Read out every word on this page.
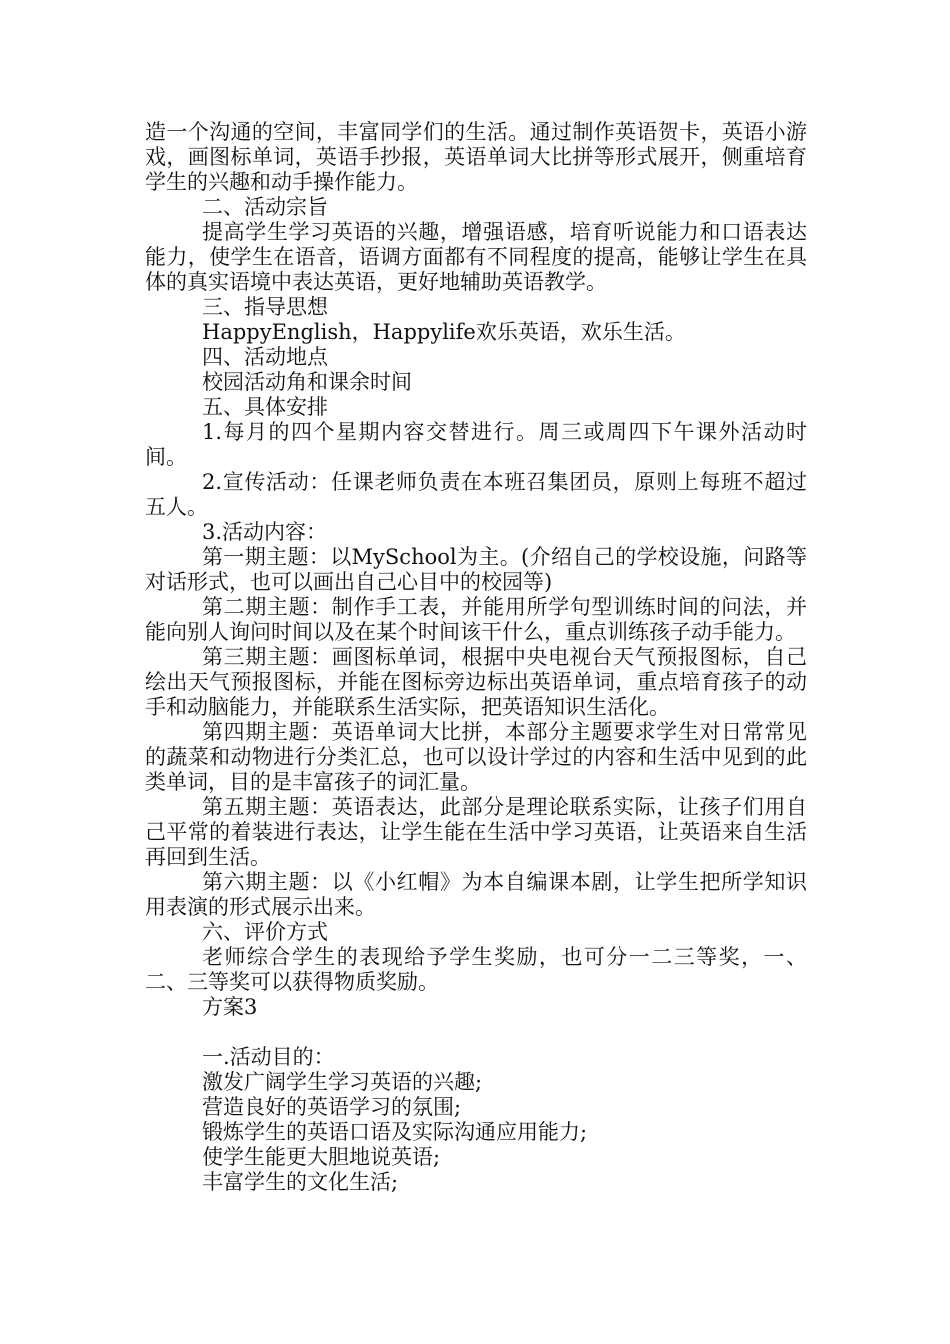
造一个沟通的空间，丰富同学们的生活。通过制作英语贺卡，英语小游戏，画图标单词，英语手抄报，英语单词大比拼等形式展开，侧重培育学生的兴趣和动手操作能力。

二、活动宗旨

提高学生学习英语的兴趣，增强语感，培育听说能力和口语表达能力，使学生在语音，语调方面都有不同程度的提高，能够让学生在具体的真实语境中表达英语，更好地辅助英语教学。

三、指导思想

HappyEnglish，Happylife欢乐英语，欢乐生活。

四、活动地点

校园活动角和课余时间

五、具体安排

1.每月的四个星期内容交替进行。周三或周四下午课外活动时间。

2.宣传活动：任课老师负责在本班召集团员，原则上每班不超过五人。

3.活动内容：

第一期主题：以MySchool为主。(介绍自己的学校设施，问路等对话形式，也可以画出自己心目中的校园等)

第二期主题：制作手工表，并能用所学句型训练时间的问法，并能向别人询问时间以及在某个时间该干什么，重点训练孩子动手能力。

第三期主题：画图标单词，根据中央电视台天气预报图标，自己绘出天气预报图标，并能在图标旁边标出英语单词，重点培育孩子的动手和动脑能力，并能联系生活实际，把英语知识生活化。

第四期主题：英语单词大比拼，本部分主题要求学生对日常常见的蔬菜和动物进行分类汇总，也可以设计学过的内容和生活中见到的此类单词，目的是丰富孩子的词汇量。

第五期主题：英语表达，此部分是理论联系实际，让孩子们用自己平常的着装进行表达，让学生能在生活中学习英语，让英语来自生活再回到生活。

第六期主题：以《小红帽》为本自编课本剧，让学生把所学知识用表演的形式展示出来。

六、评价方式

老师综合学生的表现给予学生奖励，也可分一二三等奖，一、二、三等奖可以获得物质奖励。

方案3

一.活动目的：

激发广阔学生学习英语的兴趣;

营造良好的英语学习的氛围;

锻炼学生的英语口语及实际沟通应用能力;

使学生能更大胆地说英语;

丰富学生的文化生活;
